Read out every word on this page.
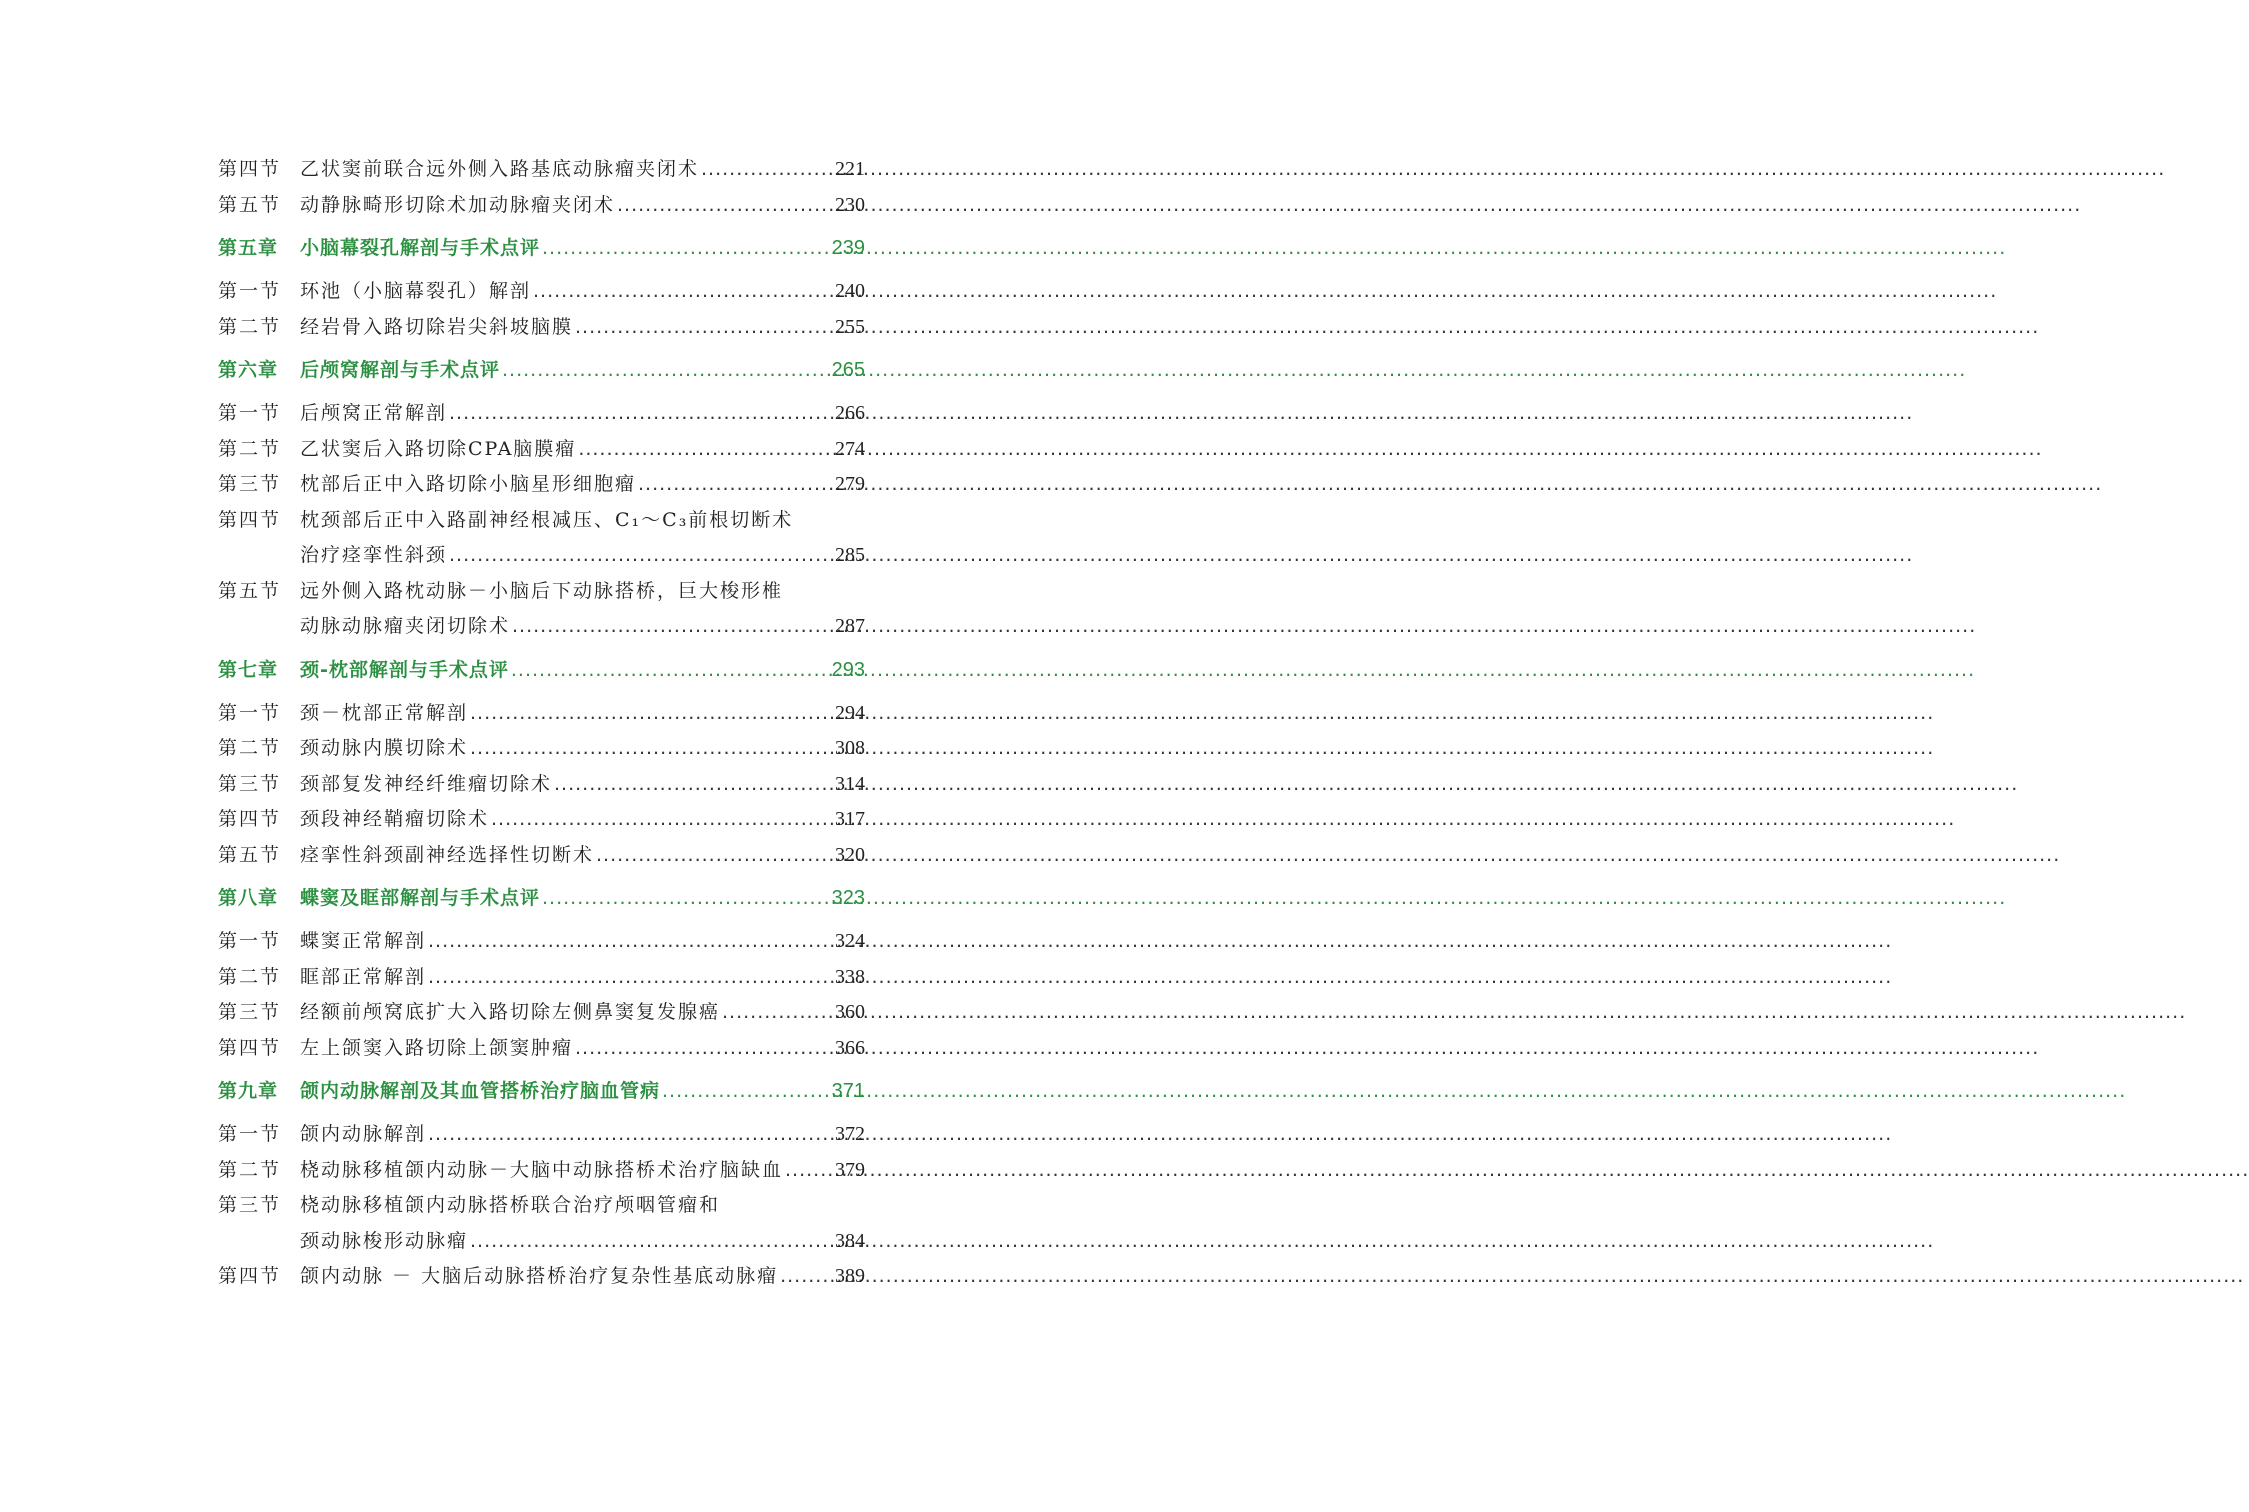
第四节 乙状窦前联合远外侧入路基底动脉瘤夹闭术 .....	221
第五节 动静脉畸形切除术加动脉瘤夹闭术 .....	230
第五章	小脑幕裂孔解剖与手术点评 .....	239
第一节 环池（小脑幕裂孔）解剖 .....	240
第二节 经岩骨入路切除岩尖斜坡脑膜 .....	255
第六章	后颅窝解剖与手术点评 .....	265
第一节 后颅窝正常解剖 .....	266
第二节 乙状窦后入路切除CPA脑膜瘤 .....	274
第三节 枕部后正中入路切除小脑星形细胞瘤 .....	279
第四节 枕颈部后正中入路副神经根减压、C₁～C₃前根切断术
治疗痉挛性斜颈 .....	285
第五节 远外侧入路枕动脉－小脑后下动脉搭桥，巨大梭形椎
动脉动脉瘤夹闭切除术 .....	287
第七章	颈-枕部解剖与手术点评 .....	293
第一节 颈－枕部正常解剖 .....	294
第二节 颈动脉内膜切除术 .....	308
第三节 颈部复发神经纤维瘤切除术 .....	314
第四节 颈段神经鞘瘤切除术 .....	317
第五节 痉挛性斜颈副神经选择性切断术 .....	320
第八章	蝶窦及眶部解剖与手术点评 .....	323
第一节 蝶窦正常解剖 .....	324
第二节 眶部正常解剖 .....	338
第三节 经额前颅窝底扩大入路切除左侧鼻窦复发腺癌 .....	360
第四节 左上颌窦入路切除上颌窦肿瘤 .....	366
第九章	颌内动脉解剖及其血管搭桥治疗脑血管病 .....	371
第一节 颌内动脉解剖 .....	372
第二节 桡动脉移植颌内动脉－大脑中动脉搭桥术治疗脑缺血 .....	379
第三节 桡动脉移植颌内动脉搭桥联合治疗颅咽管瘤和
颈动脉梭形动脉瘤 .....	384
第四节 颌内动脉 － 大脑后动脉搭桥治疗复杂性基底动脉瘤 .....	389
